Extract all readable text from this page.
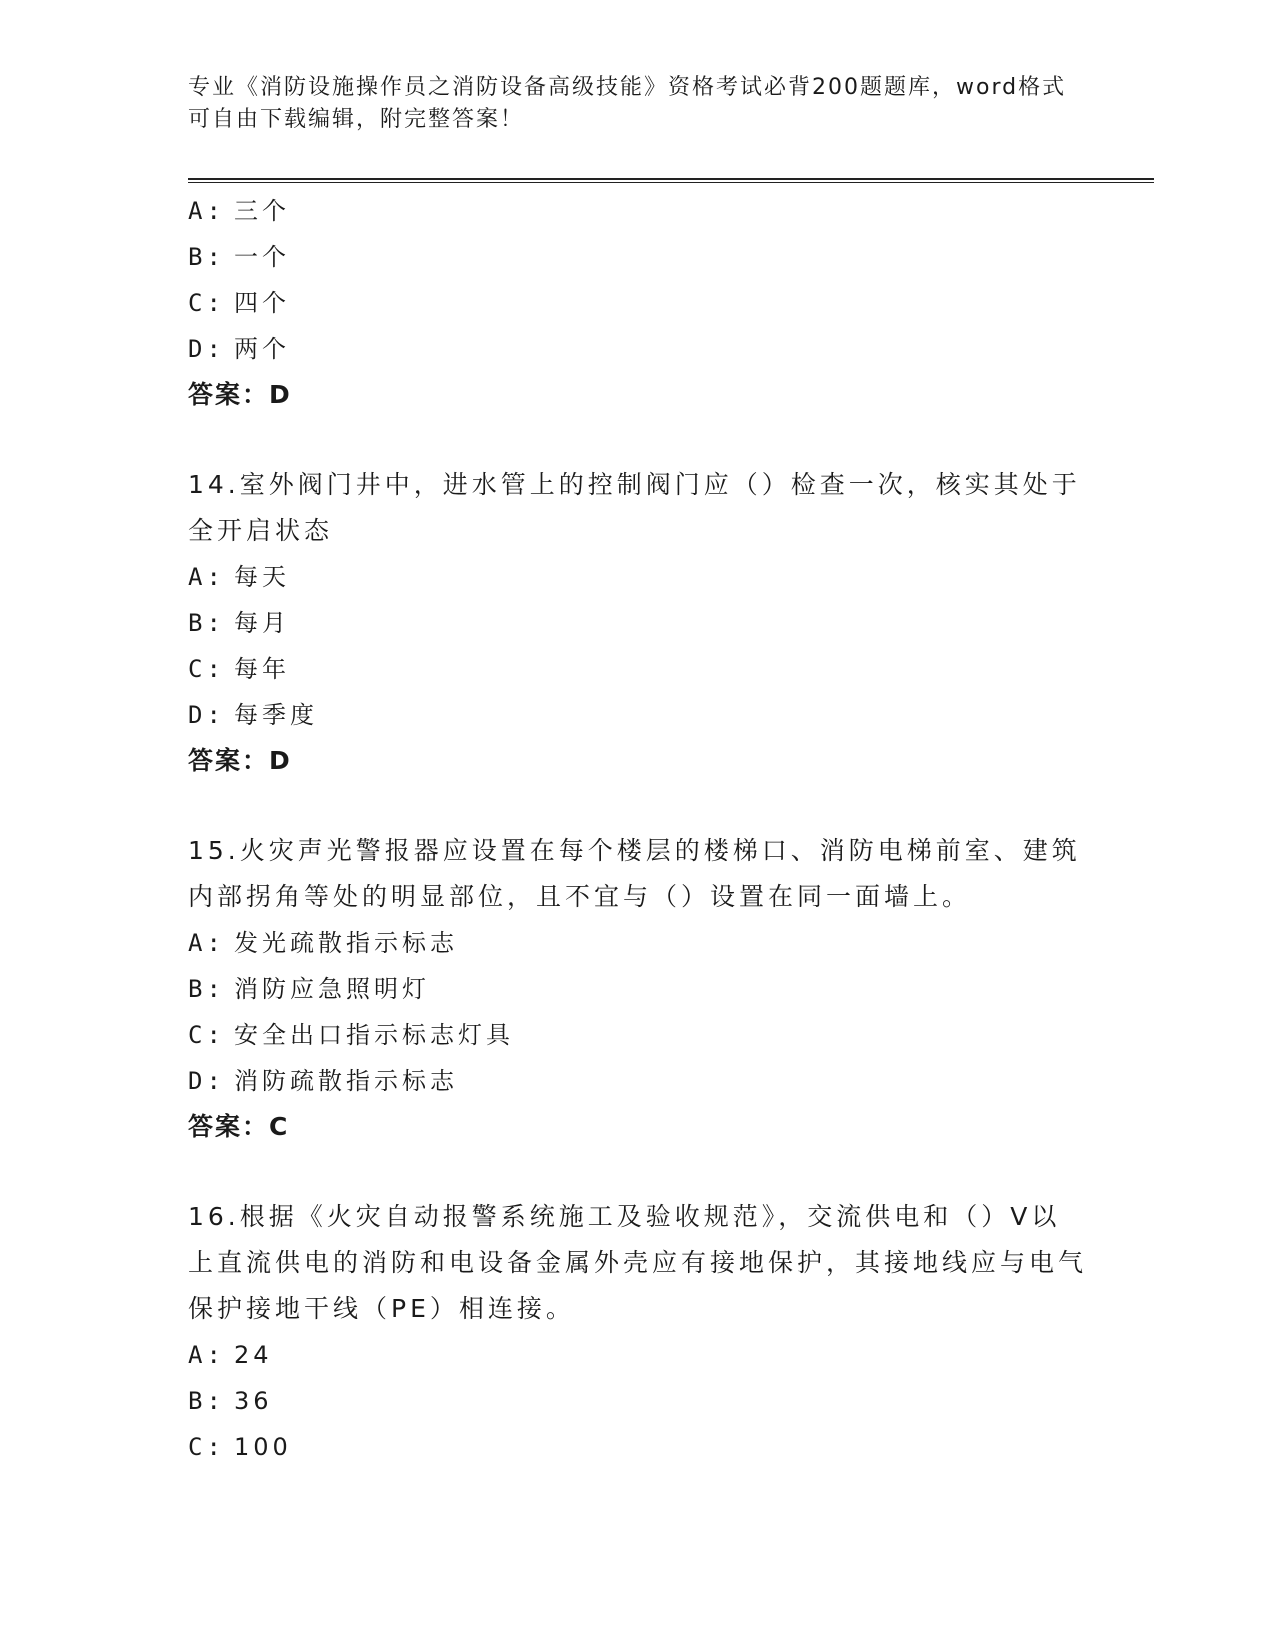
专业《消防设施操作员之消防设备高级技能》资格考试必背200题题库，word格式可自由下载编辑，附完整答案！
A: 三个
B: 一个
C: 四个
D: 两个
答案：D
14.室外阀门井中，进水管上的控制阀门应（）检查一次，核实其处于全开启状态
A: 每天
B: 每月
C: 每年
D: 每季度
答案：D
15.火灾声光警报器应设置在每个楼层的楼梯口、消防电梯前室、建筑内部拐角等处的明显部位，且不宜与（）设置在同一面墙上。
A: 发光疏散指示标志
B: 消防应急照明灯
C: 安全出口指示标志灯具
D: 消防疏散指示标志
答案：C
16.根据《火灾自动报警系统施工及验收规范》，交流供电和（）V以上直流供电的消防和电设备金属外壳应有接地保护，其接地线应与电气保护接地干线（PE）相连接。
A: 24
B: 36
C: 100
